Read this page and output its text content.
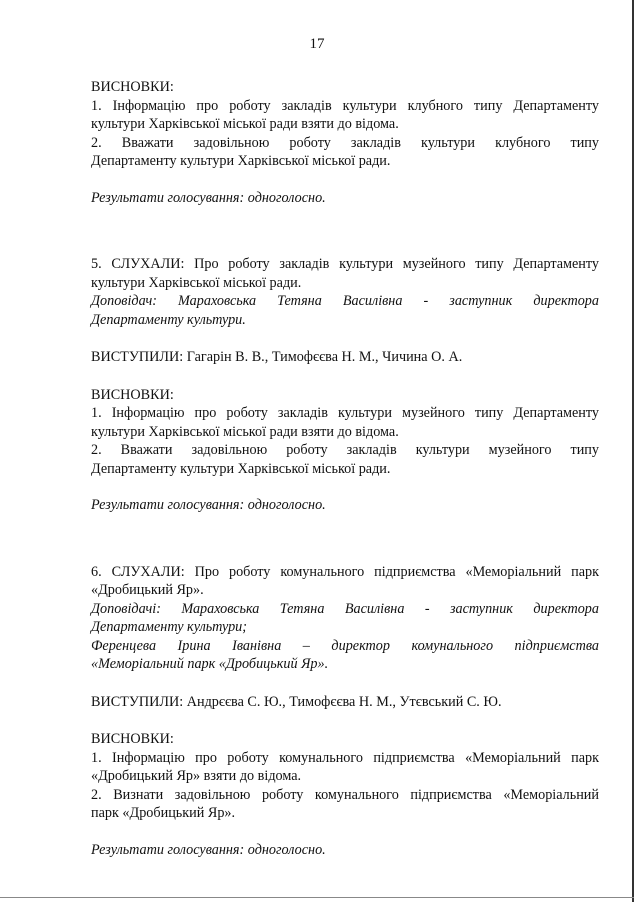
17

ВИСНОВКИ:

1. Інформацію про роботу закладів культури клубного типу Департаменту

культури Харківської міської ради взяти до відома.

2. Вважати задовільною роботу закладів культури клубного типу

Департаменту культури Харківської міської ради.

Результати голосування: одноголосно.

5. СЛУХАЛИ: Про роботу закладів культури музейного типу Департаменту

культури Харківської міської ради.

Доповідач: Мараховська Тетяна Василівна - заступник директора

Департаменту культури.

ВИСТУПИЛИ: Гагарін В. В., Тимофєєва Н. М., Чичина О. А.

ВИСНОВКИ:

1. Інформацію про роботу закладів культури музейного типу Департаменту

культури Харківської міської ради взяти до відома.

2. Вважати задовільною роботу закладів культури музейного типу

Департаменту культури Харківської міської ради.

Результати голосування: одноголосно.

6. СЛУХАЛИ: Про роботу комунального підприємства «Меморіальний парк

«Дробицький Яр».

Доповідачі: Мараховська Тетяна Василівна - заступник директора

Департаменту культури;

Ференцева Ірина Іванівна – директор комунального підприємства

«Меморіальний парк «Дробицький Яр».

ВИСТУПИЛИ: Андрєєва С. Ю., Тимофєєва Н. М., Утєвський С. Ю.

ВИСНОВКИ:

1. Інформацію про роботу комунального підприємства «Меморіальний парк

«Дробицький Яр» взяти до відома.

2. Визнати задовільною роботу комунального підприємства «Меморіальний

парк «Дробицький Яр».

Результати голосування: одноголосно.
